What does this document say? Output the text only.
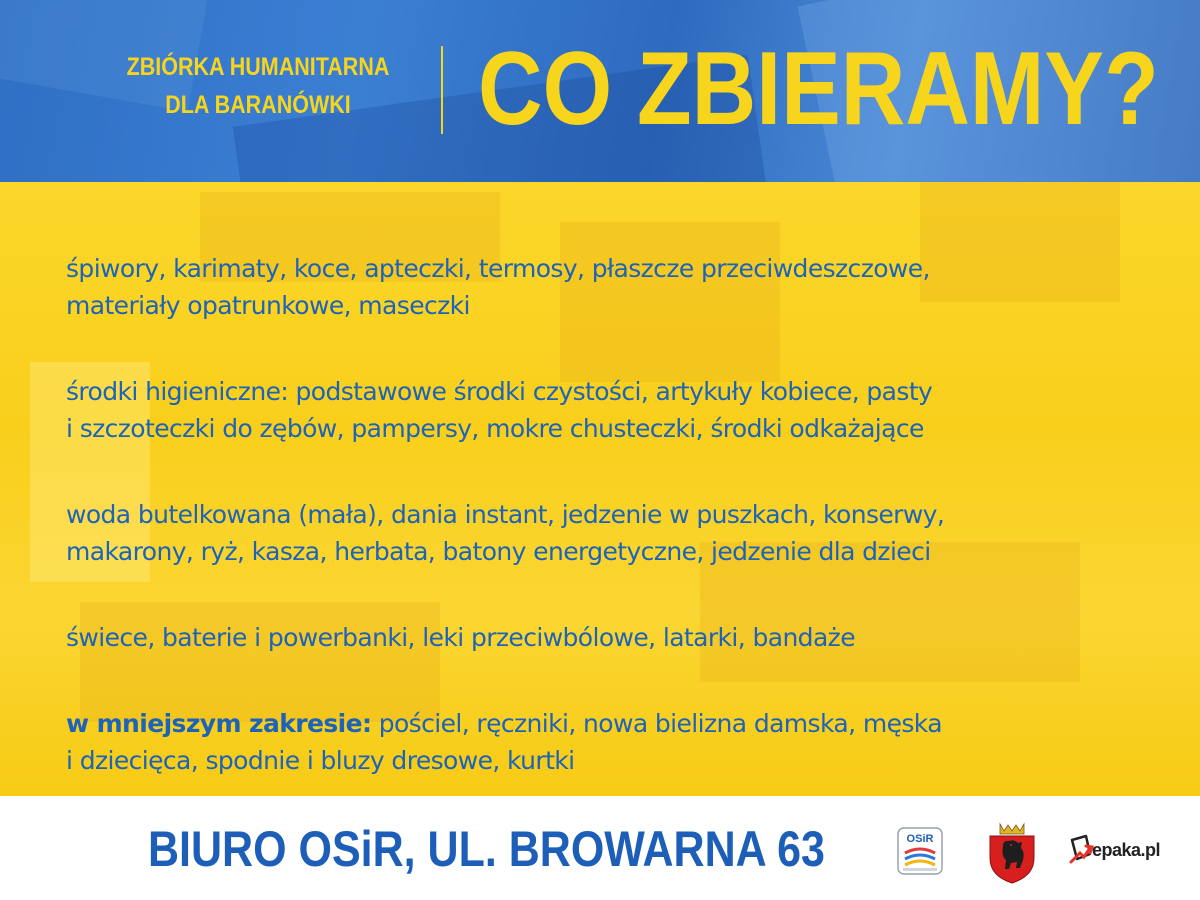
ZBIÓRKA HUMANITARNA
DLA BARANÓWKI	CO ZBIERAMY?
śpiwory, karimaty, koce, apteczki, termosy, płaszcze przeciwdeszczowe,
materiały opatrunkowe, maseczki
środki higieniczne: podstawowe środki czystości, artykuły kobiece, pasty
i szczoteczki do zębów, pampersy, mokre chusteczki, środki odkażające
woda butelkowana (mała), dania instant, jedzenie w puszkach, konserwy,
makarony, ryż, kasza, herbata, batony energetyczne, jedzenie dla dzieci
świece, baterie i powerbanki, leki przeciwbólowe, latarki, bandaże
w mniejszym zakresie: pościel, ręczniki, nowa bielizna damska, męska
i dziecięca, spodnie i bluzy dresowe, kurtki
BIURO OSiR, UL. BROWARNA 63	OSiR
epaka.pl
